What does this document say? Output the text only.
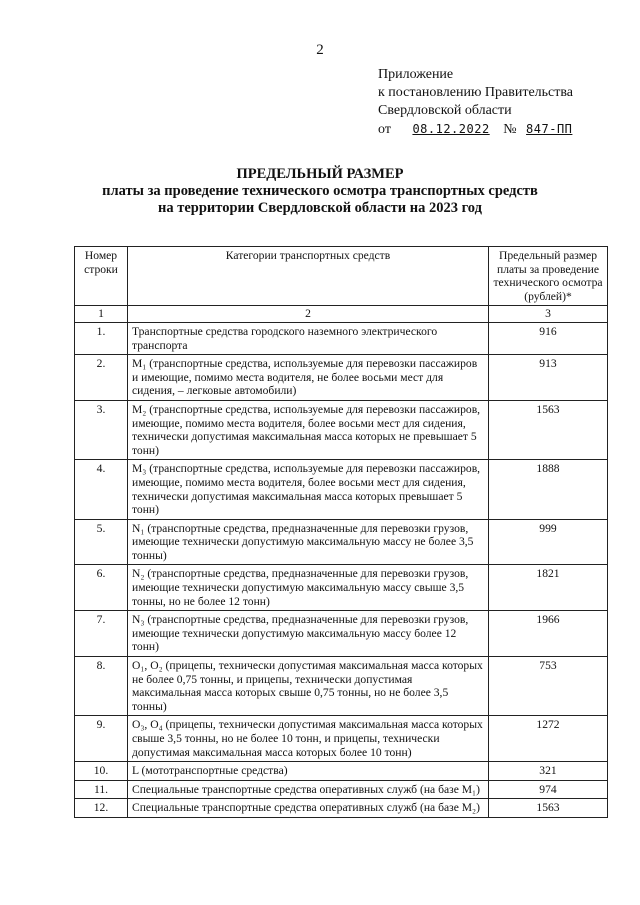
2
Приложение
к постановлению Правительства
Свердловской области
от 08.12.2022 № 847-ПП
ПРЕДЕЛЬНЫЙ РАЗМЕР
платы за проведение технического осмотра транспортных средств
на территории Свердловской области на 2023 год
Номер строки	Категории транспортных средств	Предельный размер платы за проведение технического осмотра (рублей)*
1	2	3
1.	Транспортные средства городского наземного электрического транспорта	916
2.	M₁ (транспортные средства, используемые для перевозки пассажиров и имеющие, помимо места водителя, не более восьми мест для сидения, – легковые автомобили)	913
3.	M₂ (транспортные средства, используемые для перевозки пассажиров, имеющие, помимо места водителя, более восьми мест для сидения, технически допустимая максимальная масса которых не превышает 5 тонн)	1563
4.	M₃ (транспортные средства, используемые для перевозки пассажиров, имеющие, помимо места водителя, более восьми мест для сидения, технически допустимая максимальная масса которых превышает 5 тонн)	1888
5.	N₁ (транспортные средства, предназначенные для перевозки грузов, имеющие технически допустимую максимальную массу не более 3,5 тонны)	999
6.	N₂ (транспортные средства, предназначенные для перевозки грузов, имеющие технически допустимую максимальную массу свыше 3,5 тонны, но не более 12 тонн)	1821
7.	N₃ (транспортные средства, предназначенные для перевозки грузов, имеющие технически допустимую максимальную массу более 12 тонн)	1966
8.	O₁, O₂ (прицепы, технически допустимая максимальная масса которых не более 0,75 тонны, и прицепы, технически допустимая максимальная масса которых свыше 0,75 тонны, но не более 3,5 тонны)	753
9.	O₃, O₄ (прицепы, технически допустимая максимальная масса которых свыше 3,5 тонны, но не более 10 тонн, и прицепы, технически допустимая максимальная масса которых более 10 тонн)	1272
10.	L (мототранспортные средства)	321
11.	Специальные транспортные средства оперативных служб (на базе M₁)	974
12.	Специальные транспортные средства оперативных служб (на базе M₂)	1563
